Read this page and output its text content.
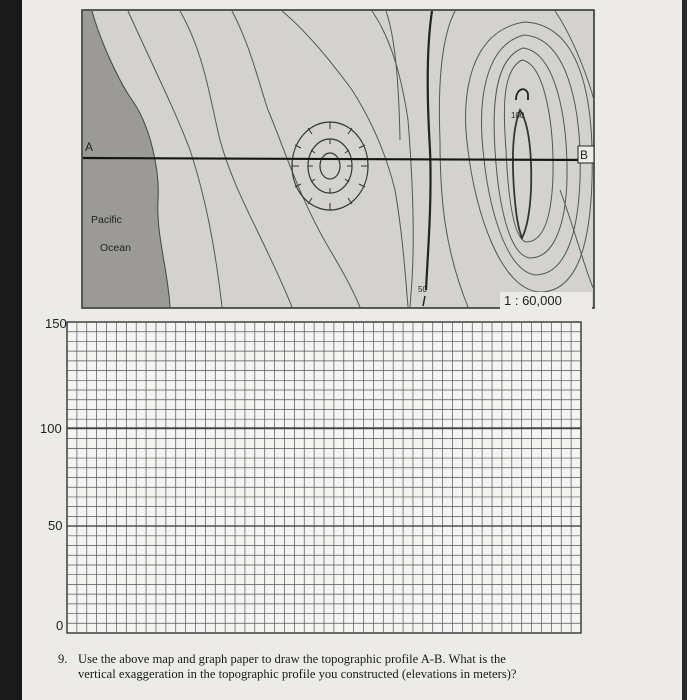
A
B
Pacific
Ocean
50
100
1 : 60,000
150
100
50
0
9. Use the above map and graph paper to draw the topographic profile A-B. What is the
vertical exaggeration in the topographic profile you constructed (elevations in meters)?
